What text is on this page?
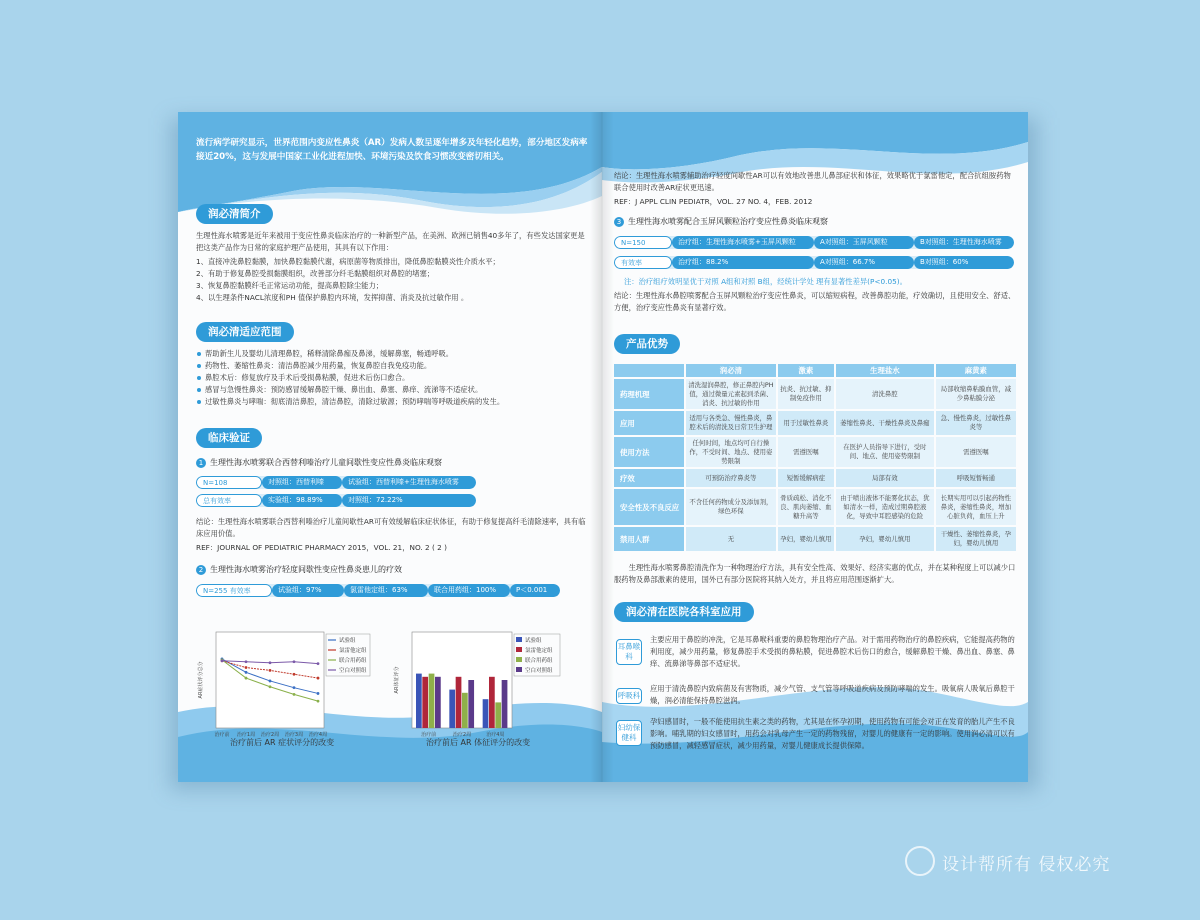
流行病学研究显示，世界范围内变应性鼻炎（AR）发病人数呈逐年增多及年轻化趋势，部分地区发病率接近20%，这与发展中国家工业化进程加快、环境污染及饮食习惯改变密切相关。
润必清简介
生理性海水喷雾是近年来被用于变应性鼻炎临床治疗的一种新型产品，在美洲、欧洲已销售40多年了，有些发达国家更是把这类产品作为日常的家庭护理产品使用，其具有以下作用：
1、直接冲洗鼻腔黏膜，加快鼻腔黏膜代谢，病原菌等物质排出，降低鼻腔黏膜炎性介质水平；
2、有助于修复鼻腔受损黏膜组织，改善部分纤毛黏膜组织对鼻腔的堵塞；
3、恢复鼻腔黏膜纤毛正常运动功能，提高鼻腔除尘能力；
4、以生理条件NACL浓度和PH 值保护鼻腔内环境，发挥抑菌、消炎及抗过敏作用 。
润必清适应范围
帮助新生儿及婴幼儿清理鼻腔，稀释清除鼻痂及鼻涕，缓解鼻塞，畅通呼吸。
药物性、萎缩性鼻炎：清洁鼻腔减少用药量，恢复鼻腔自我免疫功能。
鼻腔术后：修复放疗及手术后受损鼻粘膜，促进术后伤口愈合。
感冒与急慢性鼻炎：预防感冒缓解鼻腔干燥、鼻出血、鼻塞、鼻痒、流涕等不适症状。
过敏性鼻炎与哮喘：彻底清洁鼻腔，清洁鼻腔，清除过敏源；预防哮喘等呼吸道疾病的发生。
临床验证
1 生理性海水喷雾联合西替利嗪治疗儿童间歇性变应性鼻炎临床观察
N=108	对照组：西替利嗪	试验组：西替利嗪+生理性海水喷雾
总有效率	实验组：98.89%	对照组：72.22%
结论：生理性海水喷雾联合西替利嗪治疗儿童间歇性AR可有效缓解临床症状体征，有助于修复提高纤毛清除速率，具有临床应用价值。
REF：JOURNAL OF PEDIATRIC PHARMACY 2015，VOL. 21，NO. 2 ( 2 )
2 生理性海水喷雾治疗轻度间歇性变应性鼻炎患儿的疗效
N=255 有效率	试验组：97%	氯雷他定组：63%	联合用药组：100%	P＜0.001
AR症状评分总分
治疗前 治疗1周 治疗2周 治疗3周 治疗4周
试验组
氯雷他定组
联合用药组
空白对照组
治疗前后 AR 症状评分的改变
AR体征评分
治疗前	治疗2周	治疗4周
试验组
氯雷他定组
联合用药组
空白对照组
治疗前后 AR 体征评分的改变
结论：生理性海水喷雾辅助治疗轻度间歇性AR可以有效地改善患儿鼻部症状和体征，效果略优于氯雷他定，配合抗组胺药物联合使用时改善AR症状更迅速。
REF：J APPL CLIN PEDIATR，VOL. 27 NO. 4，FEB. 2012
3 生理性海水喷雾配合玉屏风颗粒治疗变应性鼻炎临床观察
N=150	治疗组：生理性海水喷雾+玉屏风颗粒	A对照组：玉屏风颗粒	B对照组：生理性海水喷雾
有效率	治疗组：88.2%	A对照组：66.7%	B对照组：60%
注：治疗组疗效明显优于对照 A组和对照 B组，经统计学处 理有显著性差异(P<0.05)。
结论：生理性海水鼻腔喷雾配合玉屏风颗粒治疗变应性鼻炎，可以缩短病程，改善鼻腔功能，疗效确切，且使用安全、舒适、方便，治疗变应性鼻炎有显著疗效。
产品优势
	润必清	激素	生理盐水	麻黄素
药理机理	清洗湿润鼻腔，修正鼻腔内PH值，通过微量元素起到杀菌、消炎、抗过敏的作用	抗炎、抗过敏、抑制免疫作用	清洗鼻腔	局部收缩鼻粘膜血管，减少鼻粘膜分泌
应用	适用与各类急、慢性鼻炎，鼻腔术后的清洗及日常卫生护理	用于过敏性鼻炎	萎缩性鼻炎、干燥性鼻炎及鼻痂	急、慢性鼻炎，过敏性鼻炎等
使用方法	任何时间，地点均可自行操作，不受时间、地点、使用姿势限制	需遵医嘱	在医护人员指导下进行，受时间、地点、使用姿势限制	需遵医嘱
疗效	可预防治疗鼻炎等	短暂缓解病症	局部有效	呼吸短暂畅通
安全性及不良反应	不含任何药物成分及添加剂，绿色环保	骨质疏松、消化不良、肌肉萎缩、血糖升高等	由于喷出液体不能雾化状态，犹如清水一样，造成过期鼻腔液化，导致中耳腔感染的危险	长期实用可以引起药物性鼻炎，萎缩性鼻炎，增加心脏负荷，血压上升
禁用人群	无	孕妇，婴幼儿慎用	孕妇，婴幼儿慎用	干燥性、萎缩性鼻炎，孕妇，婴幼儿慎用
生理性海水喷雾鼻腔清洗作为一种物理治疗方法，具有安全性高、效果好、经济实惠的优点，并在某种程度上可以减少口服药物及鼻部激素的使用，国外已有部分医院将其纳入处方，并且将应用范围逐渐扩大。
润必清在医院各科室应用
耳鼻喉科
主要应用于鼻腔的冲洗，它是耳鼻喉科重要的鼻腔物理治疗产品。对于需用药物治疗的鼻腔疾病，它能提高药物的利用度，减少用药量，修复鼻腔手术受损的鼻粘膜，促进鼻腔术后伤口的愈合，缓解鼻腔干燥、鼻出血、鼻塞、鼻痒、流鼻涕等鼻部不适症状。
呼吸科
应用于清洗鼻腔内致病菌及有害物质，减少气管、支气管等呼吸道疾病及预防哮喘的发生。吸氧病人吸氧后鼻腔干燥，润必清能保持鼻腔滋润。
妇幼保健科
孕妇感冒时，一般不能使用抗生素之类的药物，尤其是在怀孕初期，使用药物有可能会对正在发育的胎儿产生不良影响。哺乳期的妇女感冒时，用药会对乳母产生一定的药物残留，对婴儿的健康有一定的影响。使用润必清可以有预防感冒，减轻感冒症状，减少用药量，对婴儿健康成长提供保障。
设计帮所有 侵权必究
